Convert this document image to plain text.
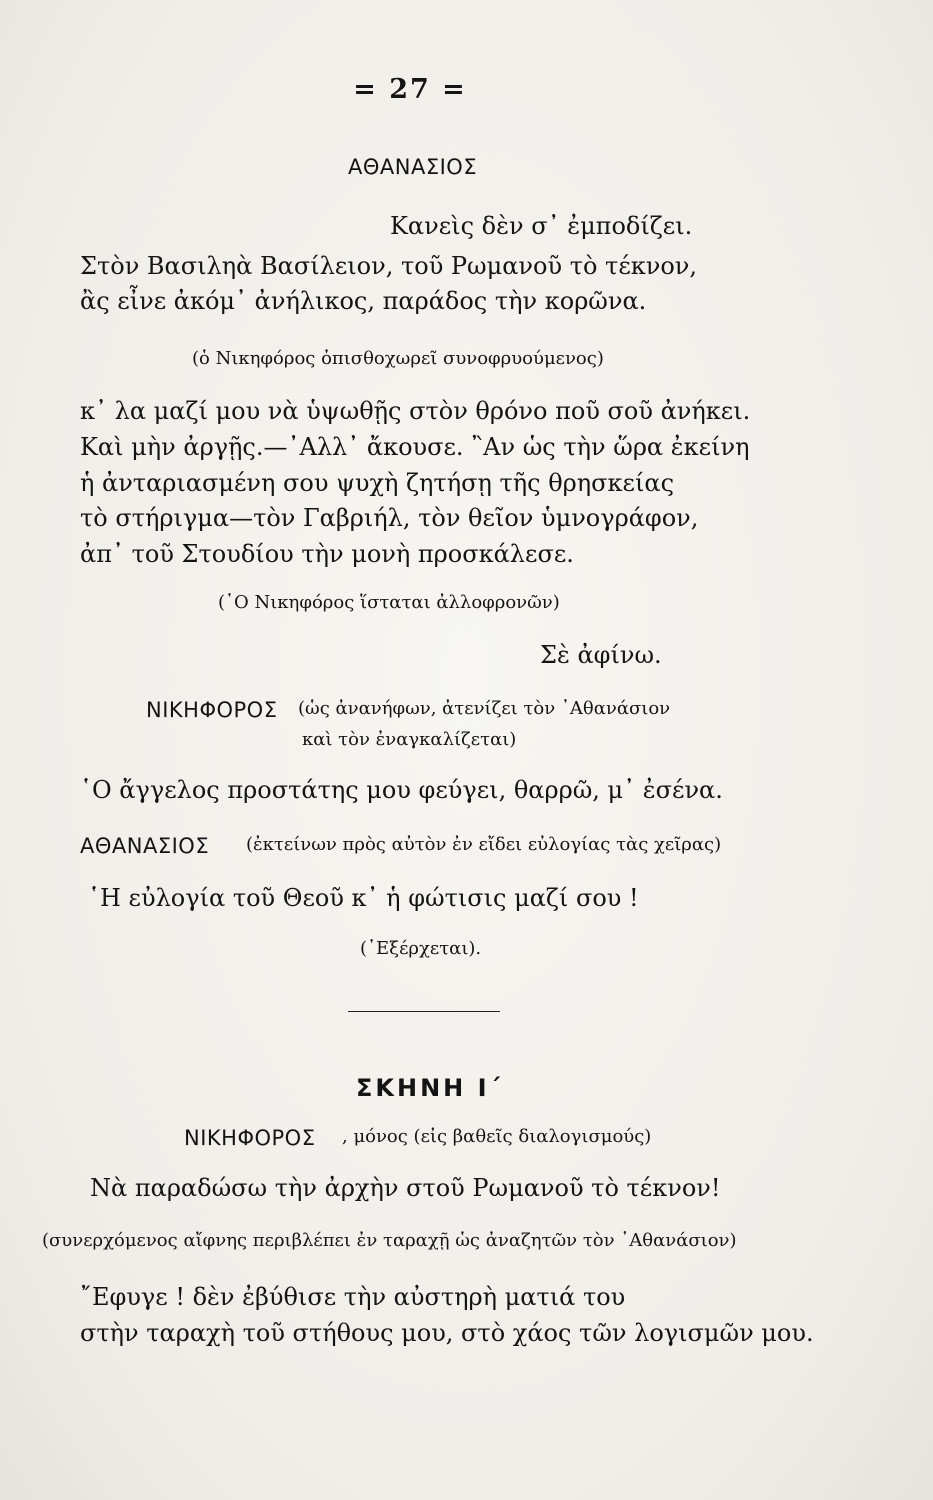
= 27 =
ΑΘΑΝΑΣΙΟΣ
Κανεὶς δὲν σ᾽ ἐμποδίζει.
Στὸν Βασιληὰ Βασίλειον, τοῦ Ρωμανοῦ τὸ τέκνον,
ἂς εἶνε ἀκόμ᾽ ἀνήλικος, παράδος τὴν κορῶνα.
(ὁ Νικηφόρος ὀπισθοχωρεῖ συνοφρυούμενος)
κ᾽ λα μαζί μου νὰ ὑψωθῇς στὸν θρόνο ποῦ σοῦ ἀνήκει.
Καὶ μὴν ἀργῇς.—᾽Αλλ᾽ ἄκουσε. ῍Αν ὡς τὴν ὥρα ἐκείνη
ἡ ἀνταριασμένη σου ψυχὴ ζητήσῃ τῆς θρησκείας
τὸ στήριγμα—τὸν Γαβριήλ, τὸν θεῖον ὑμνογράφον,
ἀπ᾽ τοῦ Στουδίου τὴν μονὴ προσκάλεσε.
(῾Ο Νικηφόρος ἵσταται ἀλλοφρονῶν)
Σὲ ἀφίνω.
ΝΙΚΗΦΟΡΟΣ (ὡς ἀνανήφων, ἀτενίζει τὸν ᾽Αθανάσιον
καὶ τὸν ἐναγκαλίζεται)
῾Ο ἄγγελος προστάτης μου φεύγει, θαρρῶ, μ᾽ ἐσένα.
ΑΘΑΝΑΣΙΟΣ (ἐκτείνων πρὸς αὐτὸν ἐν εἴδει εὐλογίας τὰς χεῖρας)
῾Η εὐλογία τοῦ Θεοῦ κ᾽ ἡ φώτισις μαζί σου !
(᾽Εξέρχεται).
ΣΚΗΝΗ Ι΄
ΝΙΚΗΦΟΡΟΣ , μόνος (εἰς βαθεῖς διαλογισμούς)
Νὰ παραδώσω τὴν ἀρχὴν στοῦ Ρωμανοῦ τὸ τέκνον!
(συνερχόμενος αἴφνης περιβλέπει ἐν ταραχῇ ὡς ἀναζητῶν τὸν ᾽Αθανάσιον)
῎Εφυγε ! δὲν ἐβύθισε τὴν αὐστηρὴ ματιά του
στὴν ταραχὴ τοῦ στήθους μου, στὸ χάος τῶν λογισμῶν μου.
